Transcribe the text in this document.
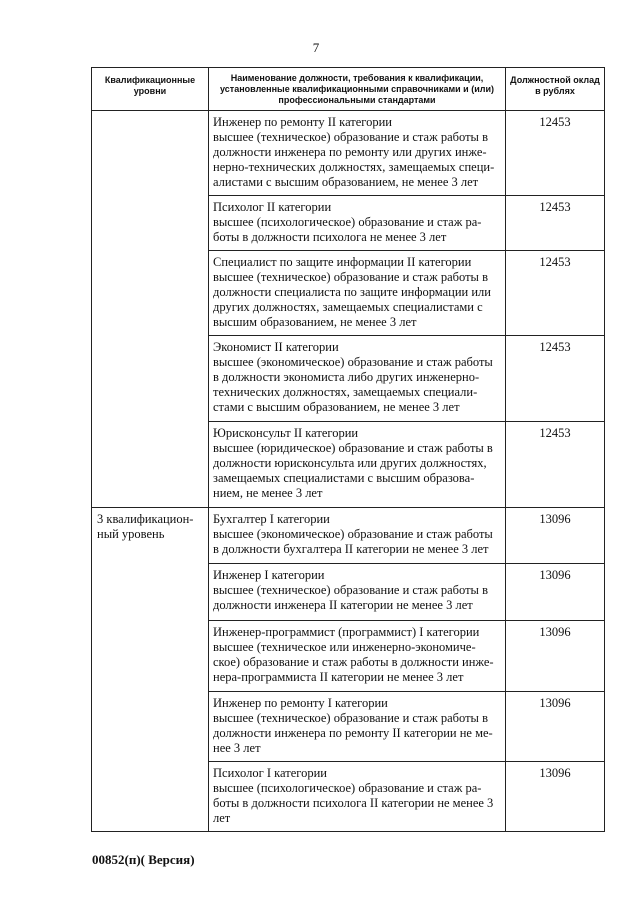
7
Квалификационные уровни	Наименование должности, требования к квалификации, установленные квалификационными справочниками и (или) профессиональными стандартами	Должностной оклад в рублях

	Инженер по ремонту II категории
высшее (техническое) образование и стаж работы в должности инженера по ремонту или других инже-нерно-технических должностях, замещаемых специ-алистами с высшим образованием, не менее 3 лет	12453

	Психолог II категории
высшее (психологическое) образование и стаж ра-боты в должности психолога не менее 3 лет	12453

	Специалист по защите информации II категории
высшее (техническое) образование и стаж работы в должности специалиста по защите информации или других должностях, замещаемых специалистами с высшим образованием, не менее 3 лет	12453

	Экономист II категории
высшее (экономическое) образование и стаж работы в должности экономиста либо других инженерно-технических должностях, замещаемых специали-стами с высшим образованием, не менее 3 лет	12453

	Юрисконсульт II категории
высшее (юридическое) образование и стаж работы в должности юрисконсульта или других должностях, замещаемых специалистами с высшим образова-нием, не менее 3 лет	12453
3 квалификацион-ный уровень	Бухгалтер I категории
высшее (экономическое) образование и стаж работы в должности бухгалтера II категории не менее 3 лет	13096

	Инженер I категории
высшее (техническое) образование и стаж работы в должности инженера II категории не менее 3 лет	13096

	Инженер-программист (программист) I категории
высшее (техническое или инженерно-экономиче-ское) образование и стаж работы в должности инже-нера-программиста II категории не менее 3 лет	13096

	Инженер по ремонту I категории
высшее (техническое) образование и стаж работы в должности инженера по ремонту II категории не ме-нее 3 лет	13096

	Психолог I категории
высшее (психологическое) образование и стаж ра-боты в должности психолога II категории не менее 3 лет	13096
00852(п)( Версия)
